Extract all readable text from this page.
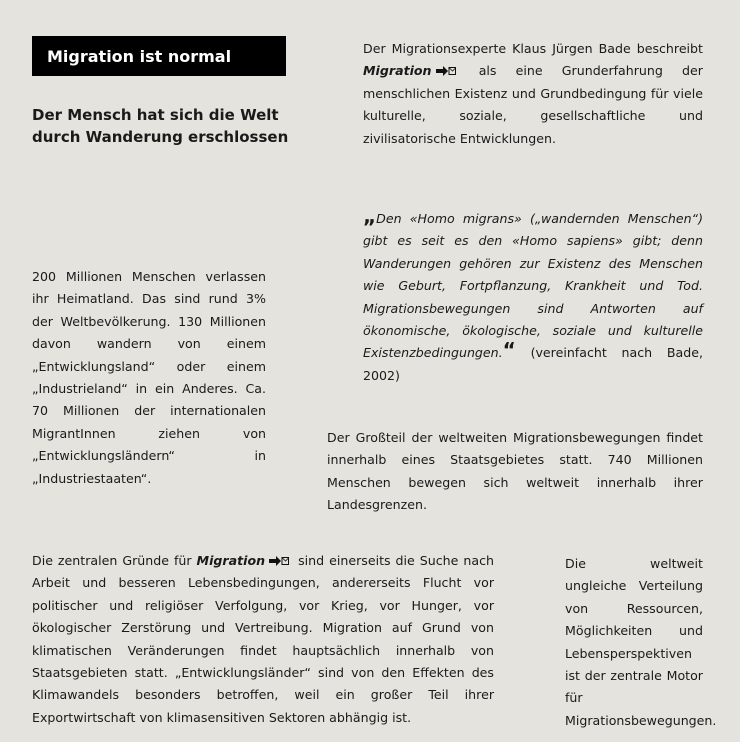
Migration ist normal
Der Mensch hat sich die Welt
durch Wanderung erschlossen
Der Migrationsexperte Klaus Jürgen Bade beschreibt Migration	als eine Grunderfahrung der menschlichen Existenz und Grundbedingung für viele kulturelle, soziale, gesellschaftliche und zivilisatorische Entwicklungen.
„Den «Homo migrans» („wandernden Menschen“) gibt es seit es den «Homo sapiens» gibt; denn Wanderungen gehören zur Existenz des Menschen wie Geburt, Fortpflanzung, Krankheit und Tod. Migrationsbewegungen sind Antworten auf ökonomische, ökologische, soziale und kulturelle Existenzbedingungen.“ (vereinfacht nach Bade, 2002)
200 Millionen Menschen verlassen ihr Heimatland. Das sind rund 3% der Weltbevölkerung. 130 Millionen davon wandern von einem „Entwicklungsland“ oder einem „Industrieland“ in ein Anderes. Ca. 70 Millionen der internationalen MigrantInnen ziehen von „Entwicklungsländern“ in „Industriestaaten“.
Der Großteil der weltweiten Migrationsbewegungen findet innerhalb eines Staatsgebietes statt. 740 Millionen Menschen bewegen sich weltweit innerhalb ihrer Landesgrenzen.
Die zentralen Gründe für Migration	sind einerseits die Suche nach Arbeit und besseren Lebensbedingungen, andererseits Flucht vor politischer und religiöser Verfolgung, vor Krieg, vor Hunger, vor ökologischer Zerstörung und Vertreibung. Migration auf Grund von klimatischen Veränderungen findet hauptsächlich innerhalb von Staatsgebieten statt. „Entwicklungsländer“ sind von den Effekten des Klimawandels besonders betroffen, weil ein großer Teil ihrer Exportwirtschaft von klimasensitiven Sektoren abhängig ist.
Die weltweit ungleiche Verteilung von Ressourcen, Möglichkeiten und Lebensperspektiven ist der zentrale Motor für Migrationsbewegungen.
